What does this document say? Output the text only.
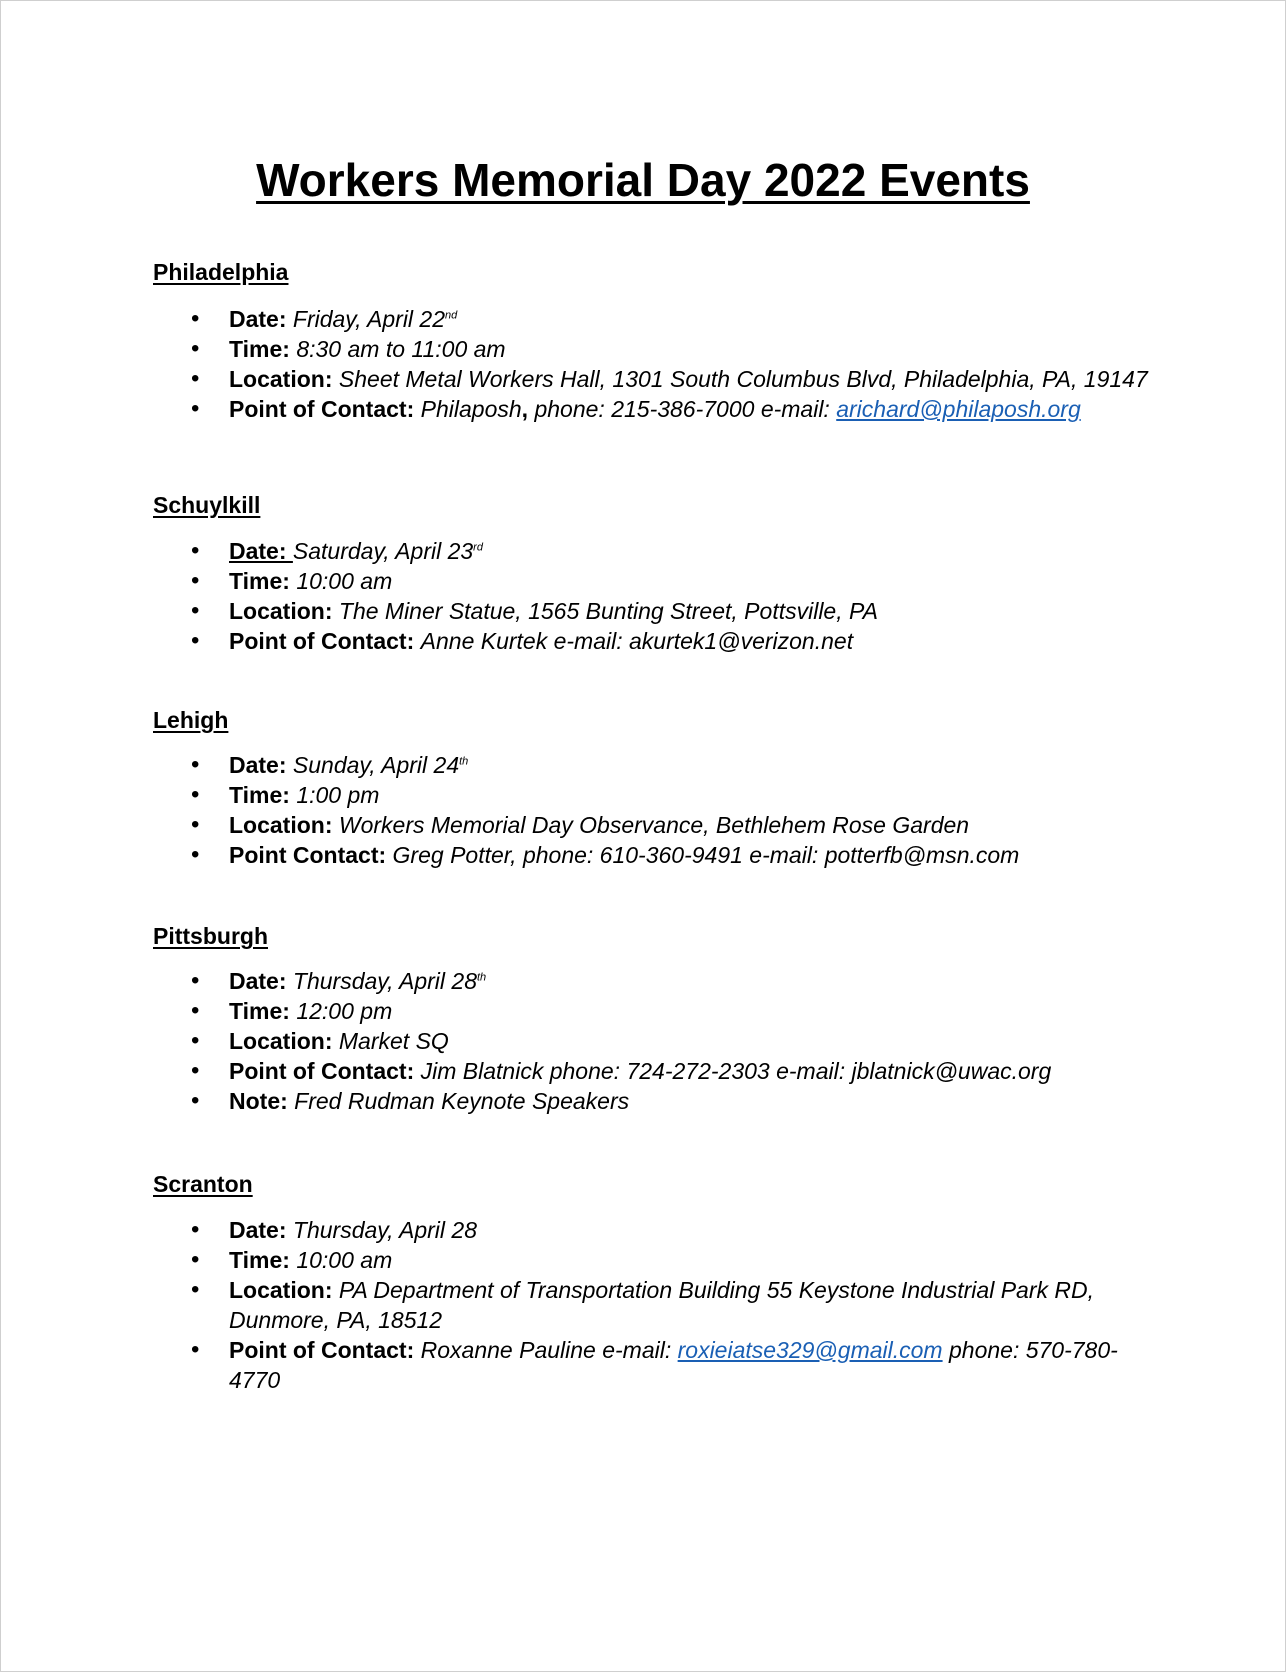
Workers Memorial Day 2022 Events

Philadelphia

• Date: Friday, April 22nd
• Time: 8:30 am to 11:00 am
• Location: Sheet Metal Workers Hall, 1301 South Columbus Blvd, Philadelphia, PA, 19147
• Point of Contact: Philaposh, phone: 215-386-7000 e-mail: arichard@philaposh.org

Schuylkill

• Date: Saturday, April 23rd
• Time: 10:00 am
• Location: The Miner Statue, 1565 Bunting Street, Pottsville, PA
• Point of Contact: Anne Kurtek e-mail: akurtek1@verizon.net

Lehigh

• Date: Sunday, April 24th
• Time: 1:00 pm
• Location: Workers Memorial Day Observance, Bethlehem Rose Garden
• Point Contact: Greg Potter, phone: 610-360-9491 e-mail: potterfb@msn.com

Pittsburgh

• Date: Thursday, April 28th
• Time: 12:00 pm
• Location: Market SQ
• Point of Contact: Jim Blatnick phone: 724-272-2303 e-mail: jblatnick@uwac.org
• Note: Fred Rudman Keynote Speakers

Scranton

• Date: Thursday, April 28
• Time: 10:00 am
• Location: PA Department of Transportation Building 55 Keystone Industrial Park RD, Dunmore, PA, 18512
• Point of Contact: Roxanne Pauline e-mail: roxieiatse329@gmail.com phone: 570-780-4770
